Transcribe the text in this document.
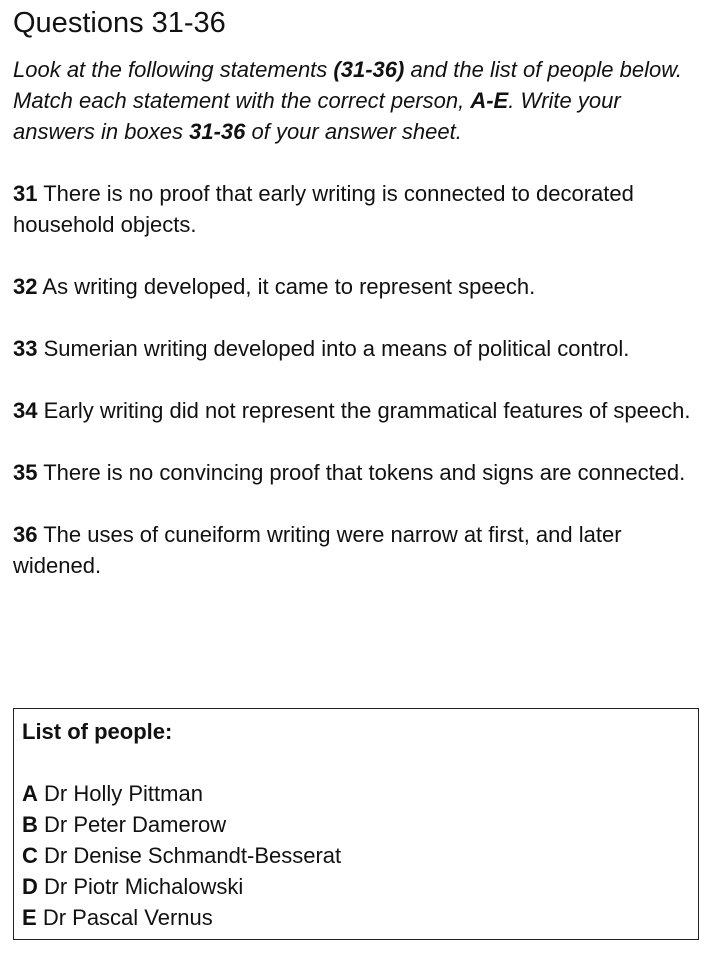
Questions 31-36
Look at the following statements (31-36) and the list of people below.
Match each statement with the correct person, A-E. Write your answers in boxes 31-36 of your answer sheet.
31 There is no proof that early writing is connected to decorated household objects.
32 As writing developed, it came to represent speech.
33 Sumerian writing developed into a means of political control.
34 Early writing did not represent the grammatical features of speech.
35 There is no convincing proof that tokens and signs are connected.
36 The uses of cuneiform writing were narrow at first, and later widened.
List of people:
A Dr Holly Pittman
B Dr Peter Damerow
C Dr Denise Schmandt-Besserat
D Dr Piotr Michalowski
E Dr Pascal Vernus
